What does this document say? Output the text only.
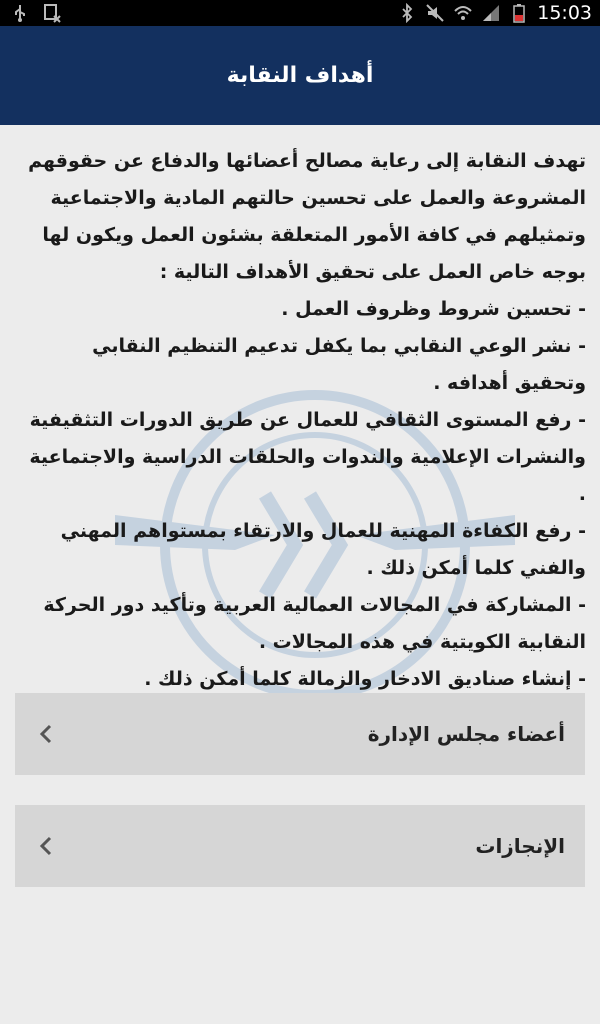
15:03
أهداف النقابة

تهدف النقابة إلى رعاية مصالح أعضائها والدفاع عن حقوقهم المشروعة والعمل على تحسين حالتهم المادية والاجتماعية وتمثيلهم في كافة الأمور المتعلقة بشئون العمل ويكون لها بوجه خاص العمل على تحقيق الأهداف التالية :

- تحسين شروط وظروف العمل .

- نشر الوعي النقابي بما يكفل تدعيم التنظيم النقابي وتحقيق أهدافه .

- رفع المستوى الثقافي للعمال عن طريق الدورات التثقيفية والنشرات الإعلامية والندوات والحلقات الدراسية والاجتماعية .

- رفع الكفاءة المهنية للعمال والارتقاء بمستواهم المهني والفني كلما أمكن ذلك .

- المشاركة في المجالات العمالية العربية وتأكيد دور الحركة النقابية الكويتية في هذه المجالات .

- إنشاء صناديق الادخار والزمالة كلما أمكن ذلك .

أعضاء مجلس الإدارة
الإنجازات
